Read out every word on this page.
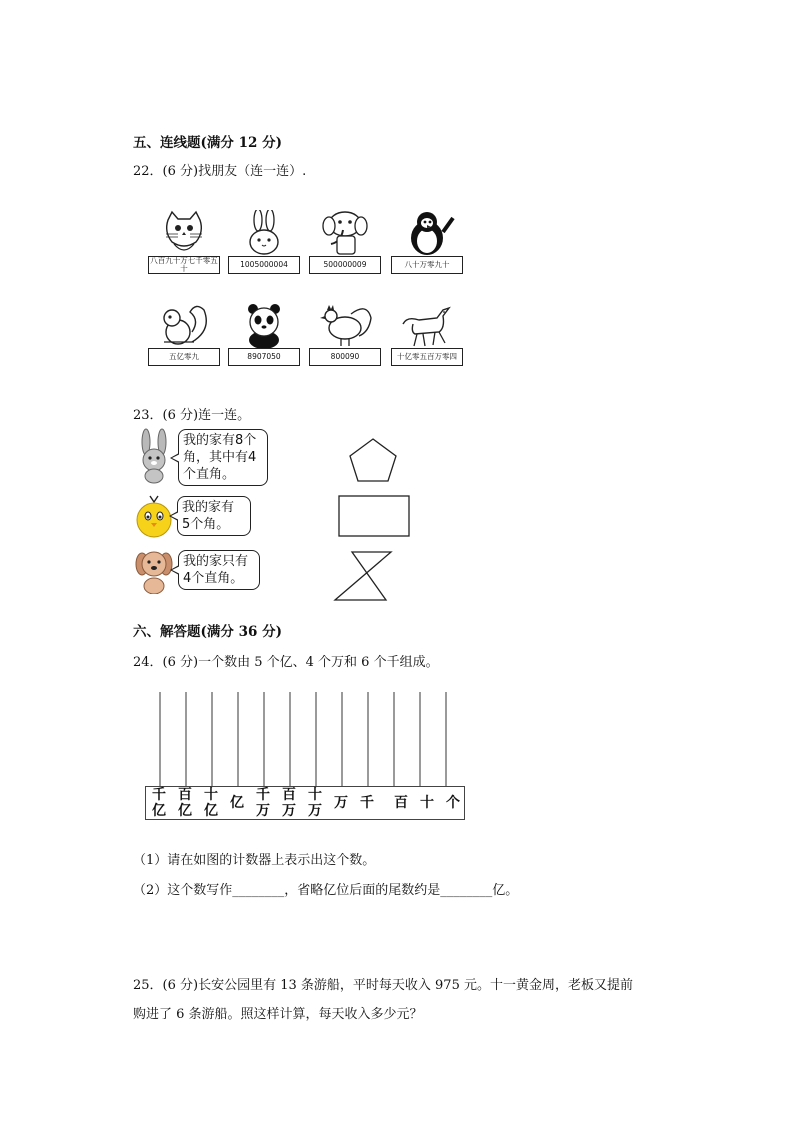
五、连线题(满分 12 分)
22．(6 分)找朋友（连一连）.
八百九十万七千零五十	1005000004	500000009	八十万零九十
五亿零九	8907050	800090	十亿零五百万零四
23．(6 分)连一连。
我的家有8个
角，其中有4
个直角。
我的家有
5个角。
我的家只有
4个直角。
六、解答题(满分 36 分)
24．(6 分)一个数由 5 个亿、4 个万和 6 个千组成。
千
亿
百
亿
十
亿 亿 千
万
百
万
十
万 万 千	百 十 个
（1）请在如图的计数器上表示出这个数。
（2）这个数写作________，省略亿位后面的尾数约是________亿。
25．(6 分)长安公园里有 13 条游船，平时每天收入 975 元。十一黄金周，老板又提前
购进了 6 条游船。照这样计算，每天收入多少元？
